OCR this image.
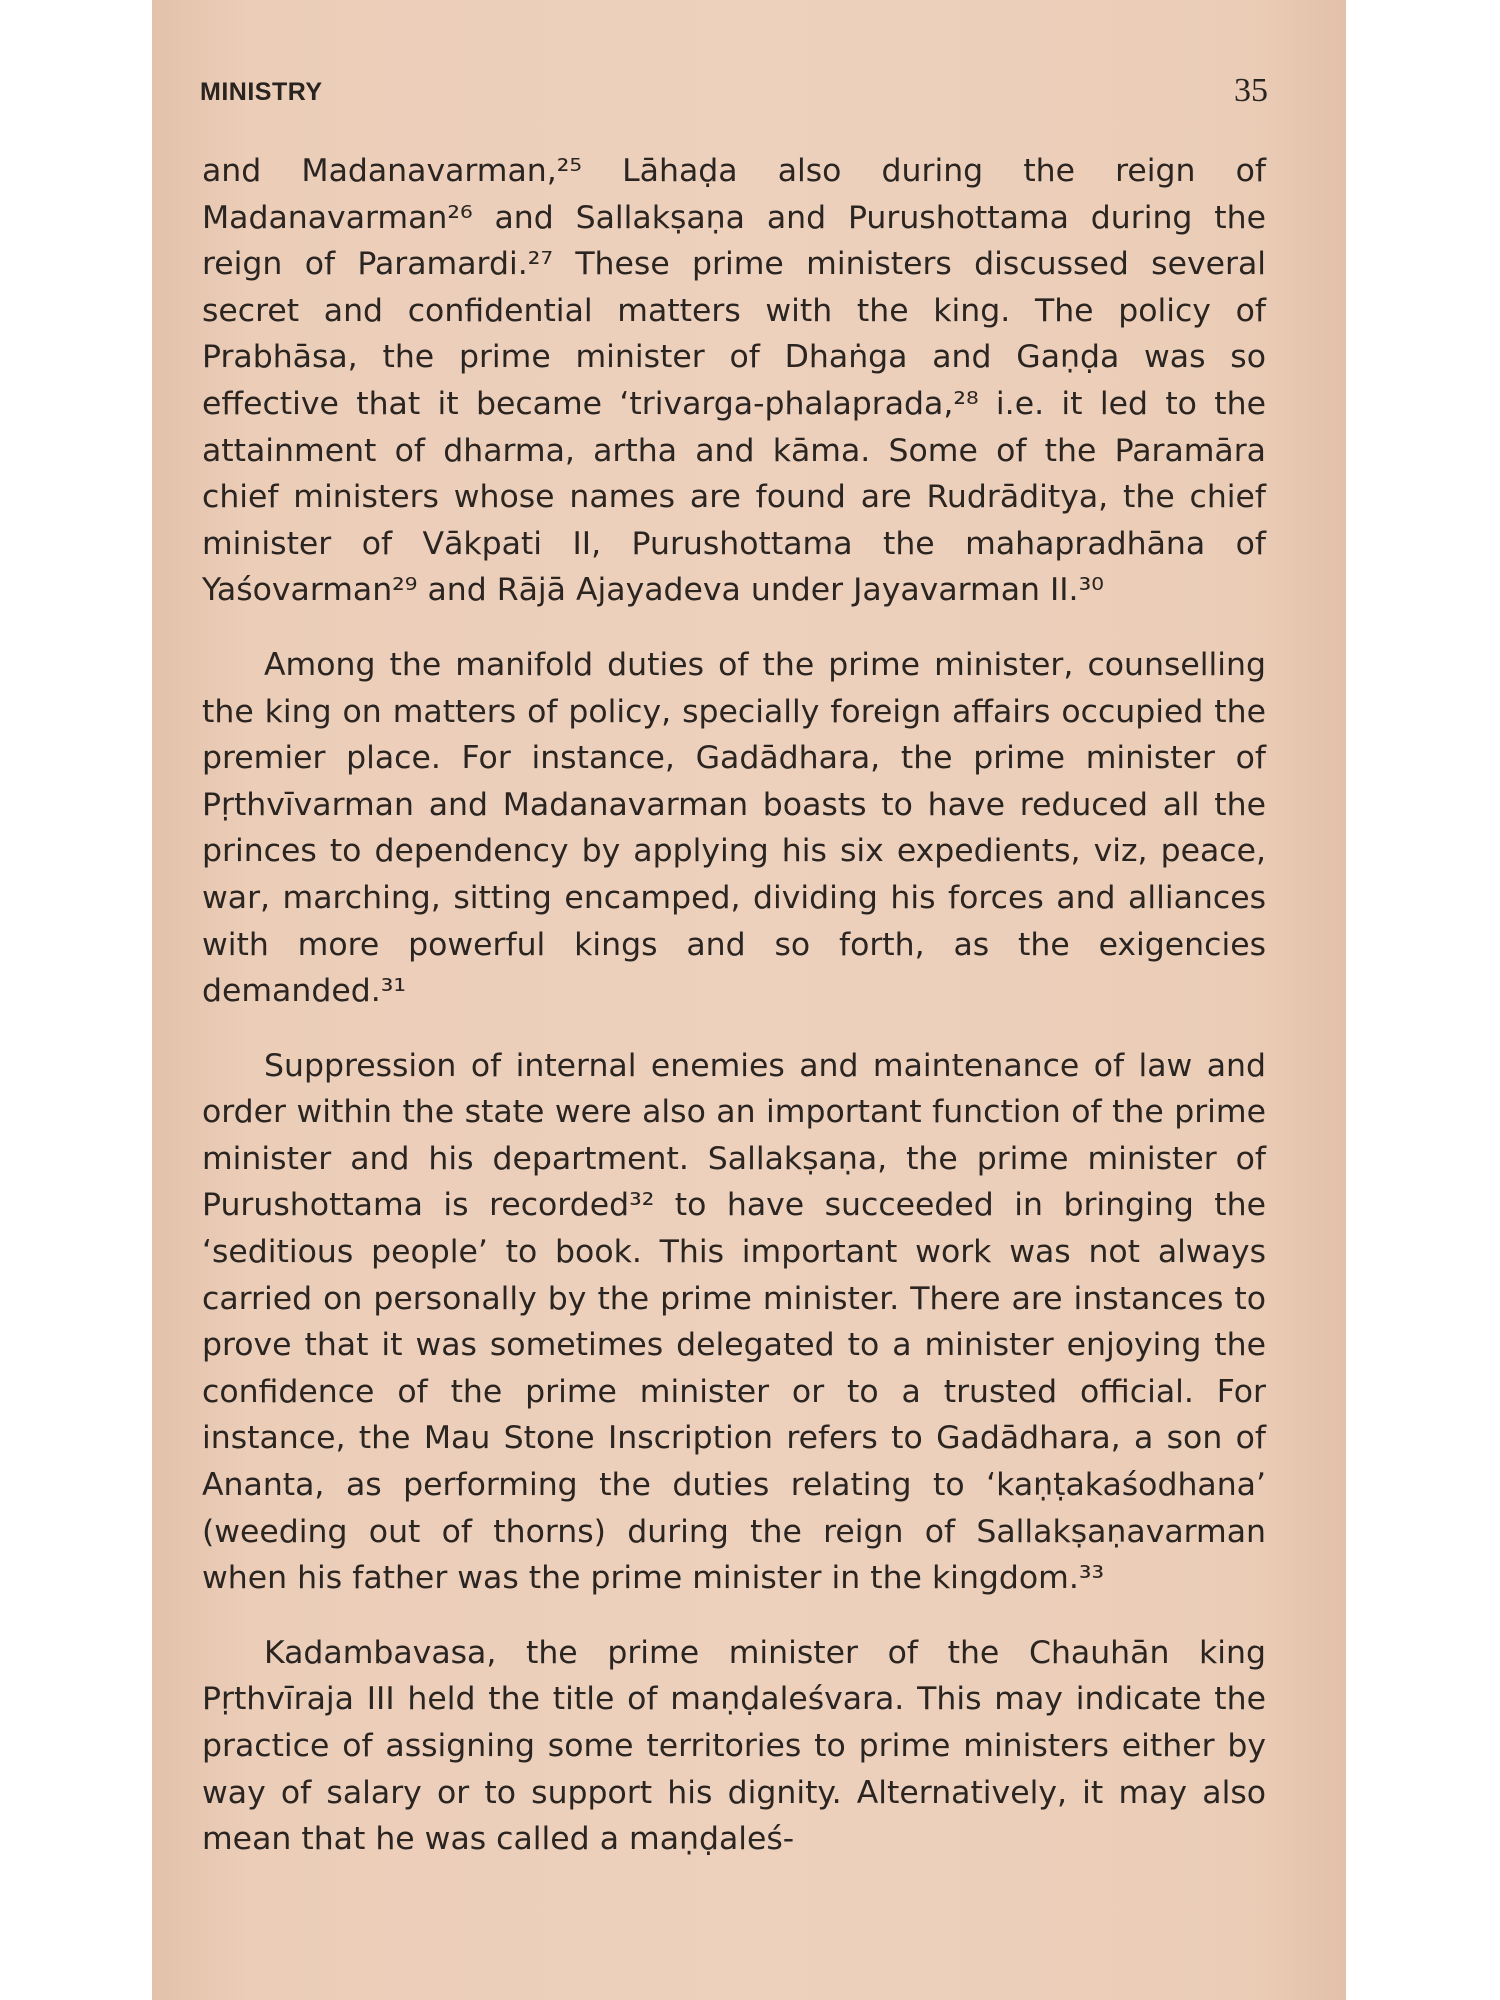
MINISTRY	35

and Madanavarman,²⁵ Lāhaḍa also during the reign of Madanavarman²⁶ and Sallakṣaṇa and Purushottama during the reign of Paramardi.²⁷ These prime ministers discussed several secret and confidential matters with the king. The policy of Prabhāsa, the prime minister of Dhaṅga and Gaṇḍa was so effective that it became ‘trivarga-phalaprada,²⁸ i.e. it led to the attainment of dharma, artha and kāma. Some of the Paramāra chief ministers whose names are found are Rudrāditya, the chief minister of Vākpati II, Purushottama the mahapradhāna of Yaśovarman²⁹ and Rājā Ajayadeva under Jayavarman II.³⁰

Among the manifold duties of the prime minister, counselling the king on matters of policy, specially foreign affairs occupied the premier place. For instance, Gadādhara, the prime minister of Pṛthvīvarman and Madanavarman boasts to have reduced all the princes to dependency by applying his six expedients, viz, peace, war, marching, sitting encamped, dividing his forces and alliances with more powerful kings and so forth, as the exigencies demanded.³¹

Suppression of internal enemies and maintenance of law and order within the state were also an important function of the prime minister and his department. Sallakṣaṇa, the prime minister of Purushottama is recorded³² to have succeeded in bringing the ‘seditious people’ to book. This important work was not always carried on personally by the prime minister. There are instances to prove that it was sometimes delegated to a minister enjoying the confidence of the prime minister or to a trusted official. For instance, the Mau Stone Inscription refers to Gadādhara, a son of Ananta, as performing the duties relating to ‘kaṇṭakaśodhana’ (weeding out of thorns) during the reign of Sallakṣaṇavarman when his father was the prime minister in the kingdom.³³

Kadambavasa, the prime minister of the Chauhān king Pṛthvīraja III held the title of maṇḍaleśvara. This may indicate the practice of assigning some territories to prime ministers either by way of salary or to support his dignity. Alternatively, it may also mean that he was called a maṇḍaleś-
